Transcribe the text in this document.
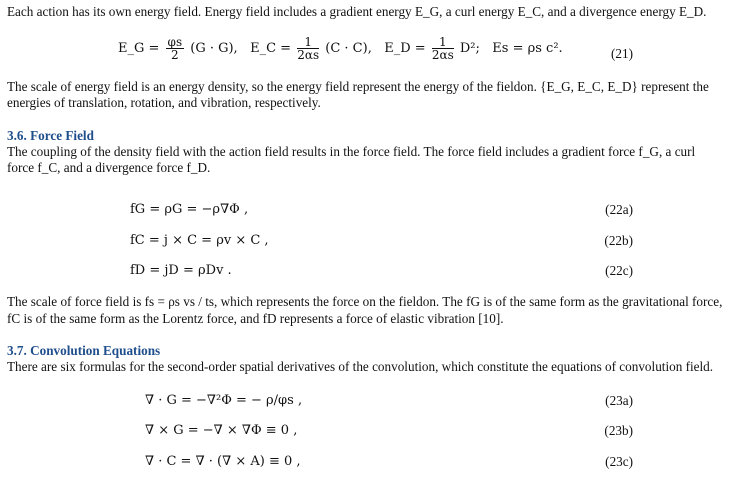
Each action has its own energy field. Energy field includes a gradient energy E_G, a curl energy E_C, and a divergence energy E_D.
E_G = $\frac{\varphi s}{2} (G \cdot G)$, E_C = $\frac{1}{2\alpha s} (C \cdot C)$, E_D = $\frac{1}{2\alpha s} D^2$; Es = ρs c².	(21)
The scale of energy field is an energy density, so the energy field represent the energy of the fieldon. {E_G, E_C, E_D} represent the energies of translation, rotation, and vibration, respectively.
3.6. Force Field
The coupling of the density field with the action field results in the force field. The force field includes a gradient force f_G, a curl force f_C, and a divergence force f_D.
fG = ρG = −ρ∇Φ ,	(22a)
fC = j × C = ρv × C ,	(22b)
fD = jD = ρDv .	(22c)
The scale of force field is fs = ρs vs / ts, which represents the force on the fieldon. The fG is of the same form as the gravitational force,
fC is of the same form as the Lorentz force, and fD represents a force of elastic vibration [10].
3.7. Convolution Equations
There are six formulas for the second-order spatial derivatives of the convolution, which constitute the equations of convolution field.
∇ · G = −∇²Φ = − ρ/φs ,	(23a)
∇ × G = −∇ × ∇Φ ≡ 0 ,	(23b)
∇ · C = ∇ · (∇ × A) ≡ 0 ,	(23c)
